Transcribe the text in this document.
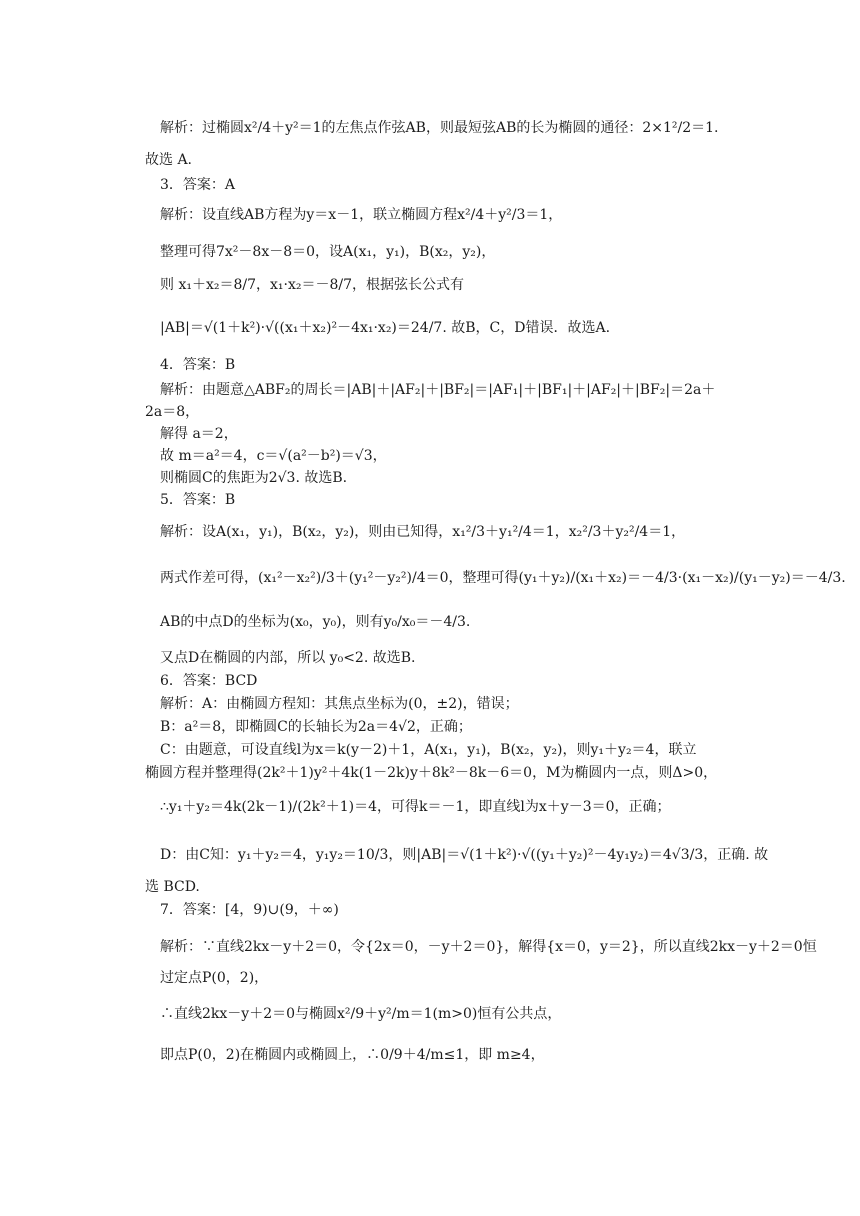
解析：过椭圆x²/4＋y²＝1的左焦点作弦AB，则最短弦AB的长为椭圆的通径：2×1²/2＝1.
故选 A.
3．答案：A
解析：设直线AB方程为y＝x－1，联立椭圆方程x²/4＋y²/3＝1，
整理可得7x²－8x－8＝0，设A(x₁，y₁)，B(x₂，y₂)，
则 x₁＋x₂＝8/7，x₁·x₂＝－8/7，根据弦长公式有
|AB|＝√(1＋k²)·√((x₁＋x₂)²－4x₁·x₂)＝24/7. 故B，C，D错误．故选A.
4．答案：B
解析：由题意△ABF₂的周长＝|AB|＋|AF₂|＋|BF₂|＝|AF₁|＋|BF₁|＋|AF₂|＋|BF₂|＝2a＋
2a＝8，
解得 a＝2，
故 m＝a²＝4，c＝√(a²－b²)＝√3，
则椭圆C的焦距为2√3. 故选B.
5．答案：B
解析：设A(x₁，y₁)，B(x₂，y₂)，则由已知得，x₁²/3＋y₁²/4＝1，x₂²/3＋y₂²/4＝1，
两式作差可得，(x₁²－x₂²)/3＋(y₁²－y₂²)/4＝0，整理可得(y₁＋y₂)/(x₁＋x₂)＝－4/3·(x₁－x₂)/(y₁－y₂)＝－4/3.
AB的中点D的坐标为(x₀，y₀)，则有y₀/x₀＝－4/3.
又点D在椭圆的内部，所以 y₀<2. 故选B.
6．答案：BCD
解析：A：由椭圆方程知：其焦点坐标为(0，±2)，错误；
B：a²＝8，即椭圆C的长轴长为2a＝4√2，正确；
C：由题意，可设直线l为x＝k(y－2)＋1，A(x₁，y₁)，B(x₂，y₂)，则y₁＋y₂＝4，联立
椭圆方程并整理得(2k²＋1)y²＋4k(1－2k)y＋8k²－8k－6＝0，M为椭圆内一点，则Δ>0，
∴y₁＋y₂＝4k(2k－1)/(2k²＋1)＝4，可得k＝－1，即直线l为x＋y－3＝0，正确；
D：由C知：y₁＋y₂＝4，y₁y₂＝10/3，则|AB|＝√(1＋k²)·√((y₁＋y₂)²－4y₁y₂)＝4√3/3，正确. 故
选 BCD.
7．答案：[4，9)∪(9，＋∞)
解析：∵直线2kx－y＋2＝0，令{2x＝0，－y＋2＝0}，解得{x＝0，y＝2}，所以直线2kx－y＋2＝0恒
过定点P(0，2)，
∴直线2kx－y＋2＝0与椭圆x²/9＋y²/m＝1(m>0)恒有公共点，
即点P(0，2)在椭圆内或椭圆上，∴0/9＋4/m≤1，即 m≥4，
